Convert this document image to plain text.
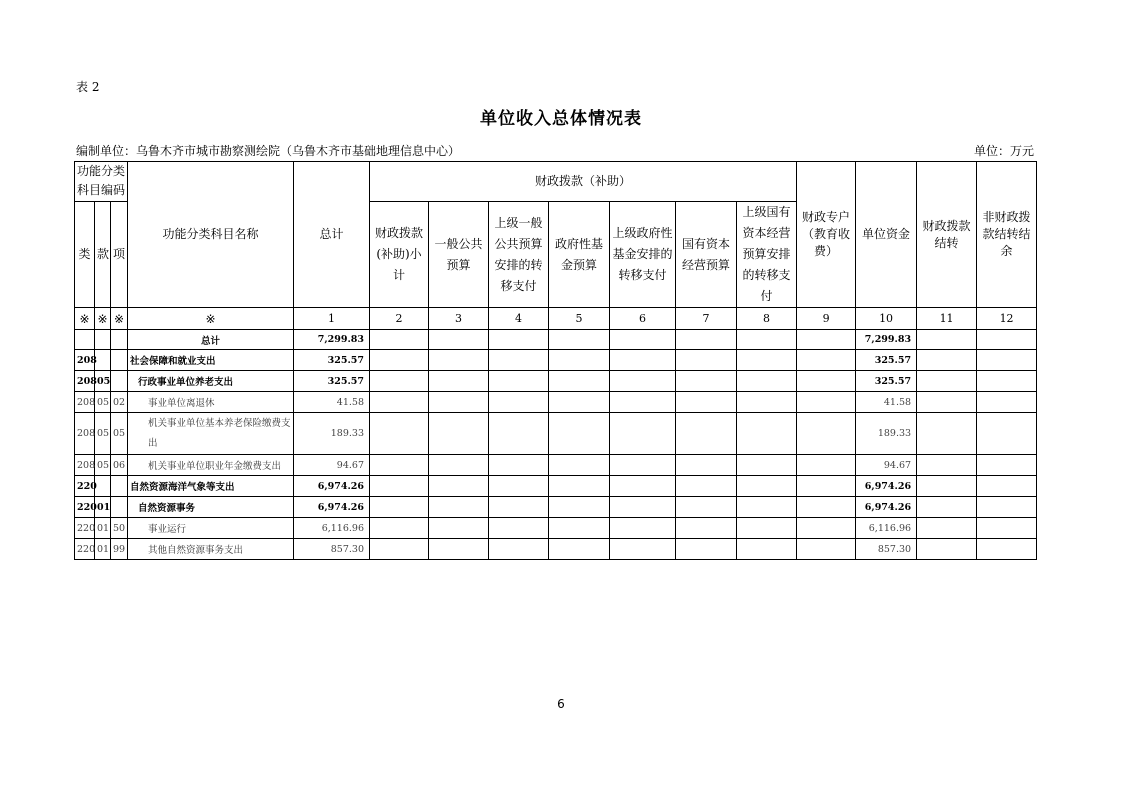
表 2
单位收入总体情况表
编制单位：乌鲁木齐市城市勘察测绘院（乌鲁木齐市基础地理信息中心）	单位：万元
功能分类科目编码			功能分类科目名称	总计	财政拨款（补助）							财政专户（教育收费）	单位资金	财政拨款结转	非财政拨款结转结余
类	款	项			财政拨款(补助)小计	一般公共预算	上级一般公共预算安排的转移支付	政府性基金预算	上级政府性基金安排的转移支付	国有资本经营预算	上级国有资本经营预算安排的转移支付				
※	※	※	※	1	2	3	4	5	6	7	8	9	10	11	12
			总计	7,299.83									7,299.83		
208			社会保障和就业支出	325.57									325.57		
208	05		行政事业单位养老支出	325.57									325.57		
208	05	02	事业单位离退休	41.58									41.58		
208	05	05	机关事业单位基本养老保险缴费支出	189.33									189.33		
208	05	06	机关事业单位职业年金缴费支出	94.67									94.67		
220			自然资源海洋气象等支出	6,974.26									6,974.26		
220	01		自然资源事务	6,974.26									6,974.26		
220	01	50	事业运行	6,116.96									6,116.96		
220	01	99	其他自然资源事务支出	857.30									857.30		
6
